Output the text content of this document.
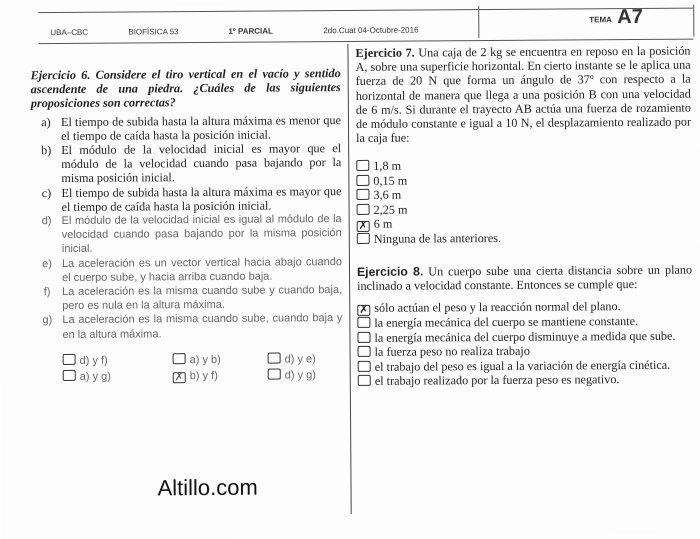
UBA–CBC	BIOFÍSICA 53	1º PARCIAL	2do.Cuat 04-Octubre-2016
TEMA A7
Ejercicio 6. Considere el tiro vertical en el vacío y sentido ascendente de una piedra. ¿Cuáles de las siguientes proposiciones son correctas?
a) El tiempo de subida hasta la altura máxima es menor que el tiempo de caída hasta la posición inicial.
b) El módulo de la velocidad inicial es mayor que el módulo de la velocidad cuando pasa bajando por la misma posición inicial.
c) El tiempo de subida hasta la altura máxima es mayor que el tiempo de caída hasta la posición inicial.
d) El módulo de la velocidad inicial es igual al módulo de la velocidad cuando pasa bajando por la misma posición inicial.
e) La aceleración es un vector vertical hacia abajo cuando el cuerpo sube, y hacia arriba cuando baja.
f)	La aceleración es la misma cuando sube y cuando baja, pero es nula en la altura máxima.
g) La aceleración es la misma cuando sube, cuando baja y en la altura máxima.
d) y f)	a) y b)	d) y e)
a) y g)	✗ b) y f)	d) y g)
Ejercicio 7. Una caja de 2 kg se encuentra en reposo en la posición A, sobre una superficie horizontal. En cierto instante se le aplica una fuerza de 20 N que forma un ángulo de 37º con respecto a la horizontal de manera que llega a una posición B con una velocidad de 6 m/s. Si durante el trayecto AB actúa una fuerza de rozamiento de módulo constante e igual a 10 N, el desplazamiento realizado por la caja fue:
1,8 m
0,15 m
3,6 m
2,25 m
✗ 6 m
Ninguna de las anteriores.
Ejercicio 8. Un cuerpo sube una cierta distancia sobre un plano inclinado a velocidad constante. Entonces se cumple que:
✗ sólo actúan el peso y la reacción normal del plano.
la energía mecánica del cuerpo se mantiene constante.
la energía mecánica del cuerpo disminuye a medida que sube.
la fuerza peso no realiza trabajo
el trabajo del peso es igual a la variación de energía cinética.
el trabajo realizado por la fuerza peso es negativo.
Altillo.com
